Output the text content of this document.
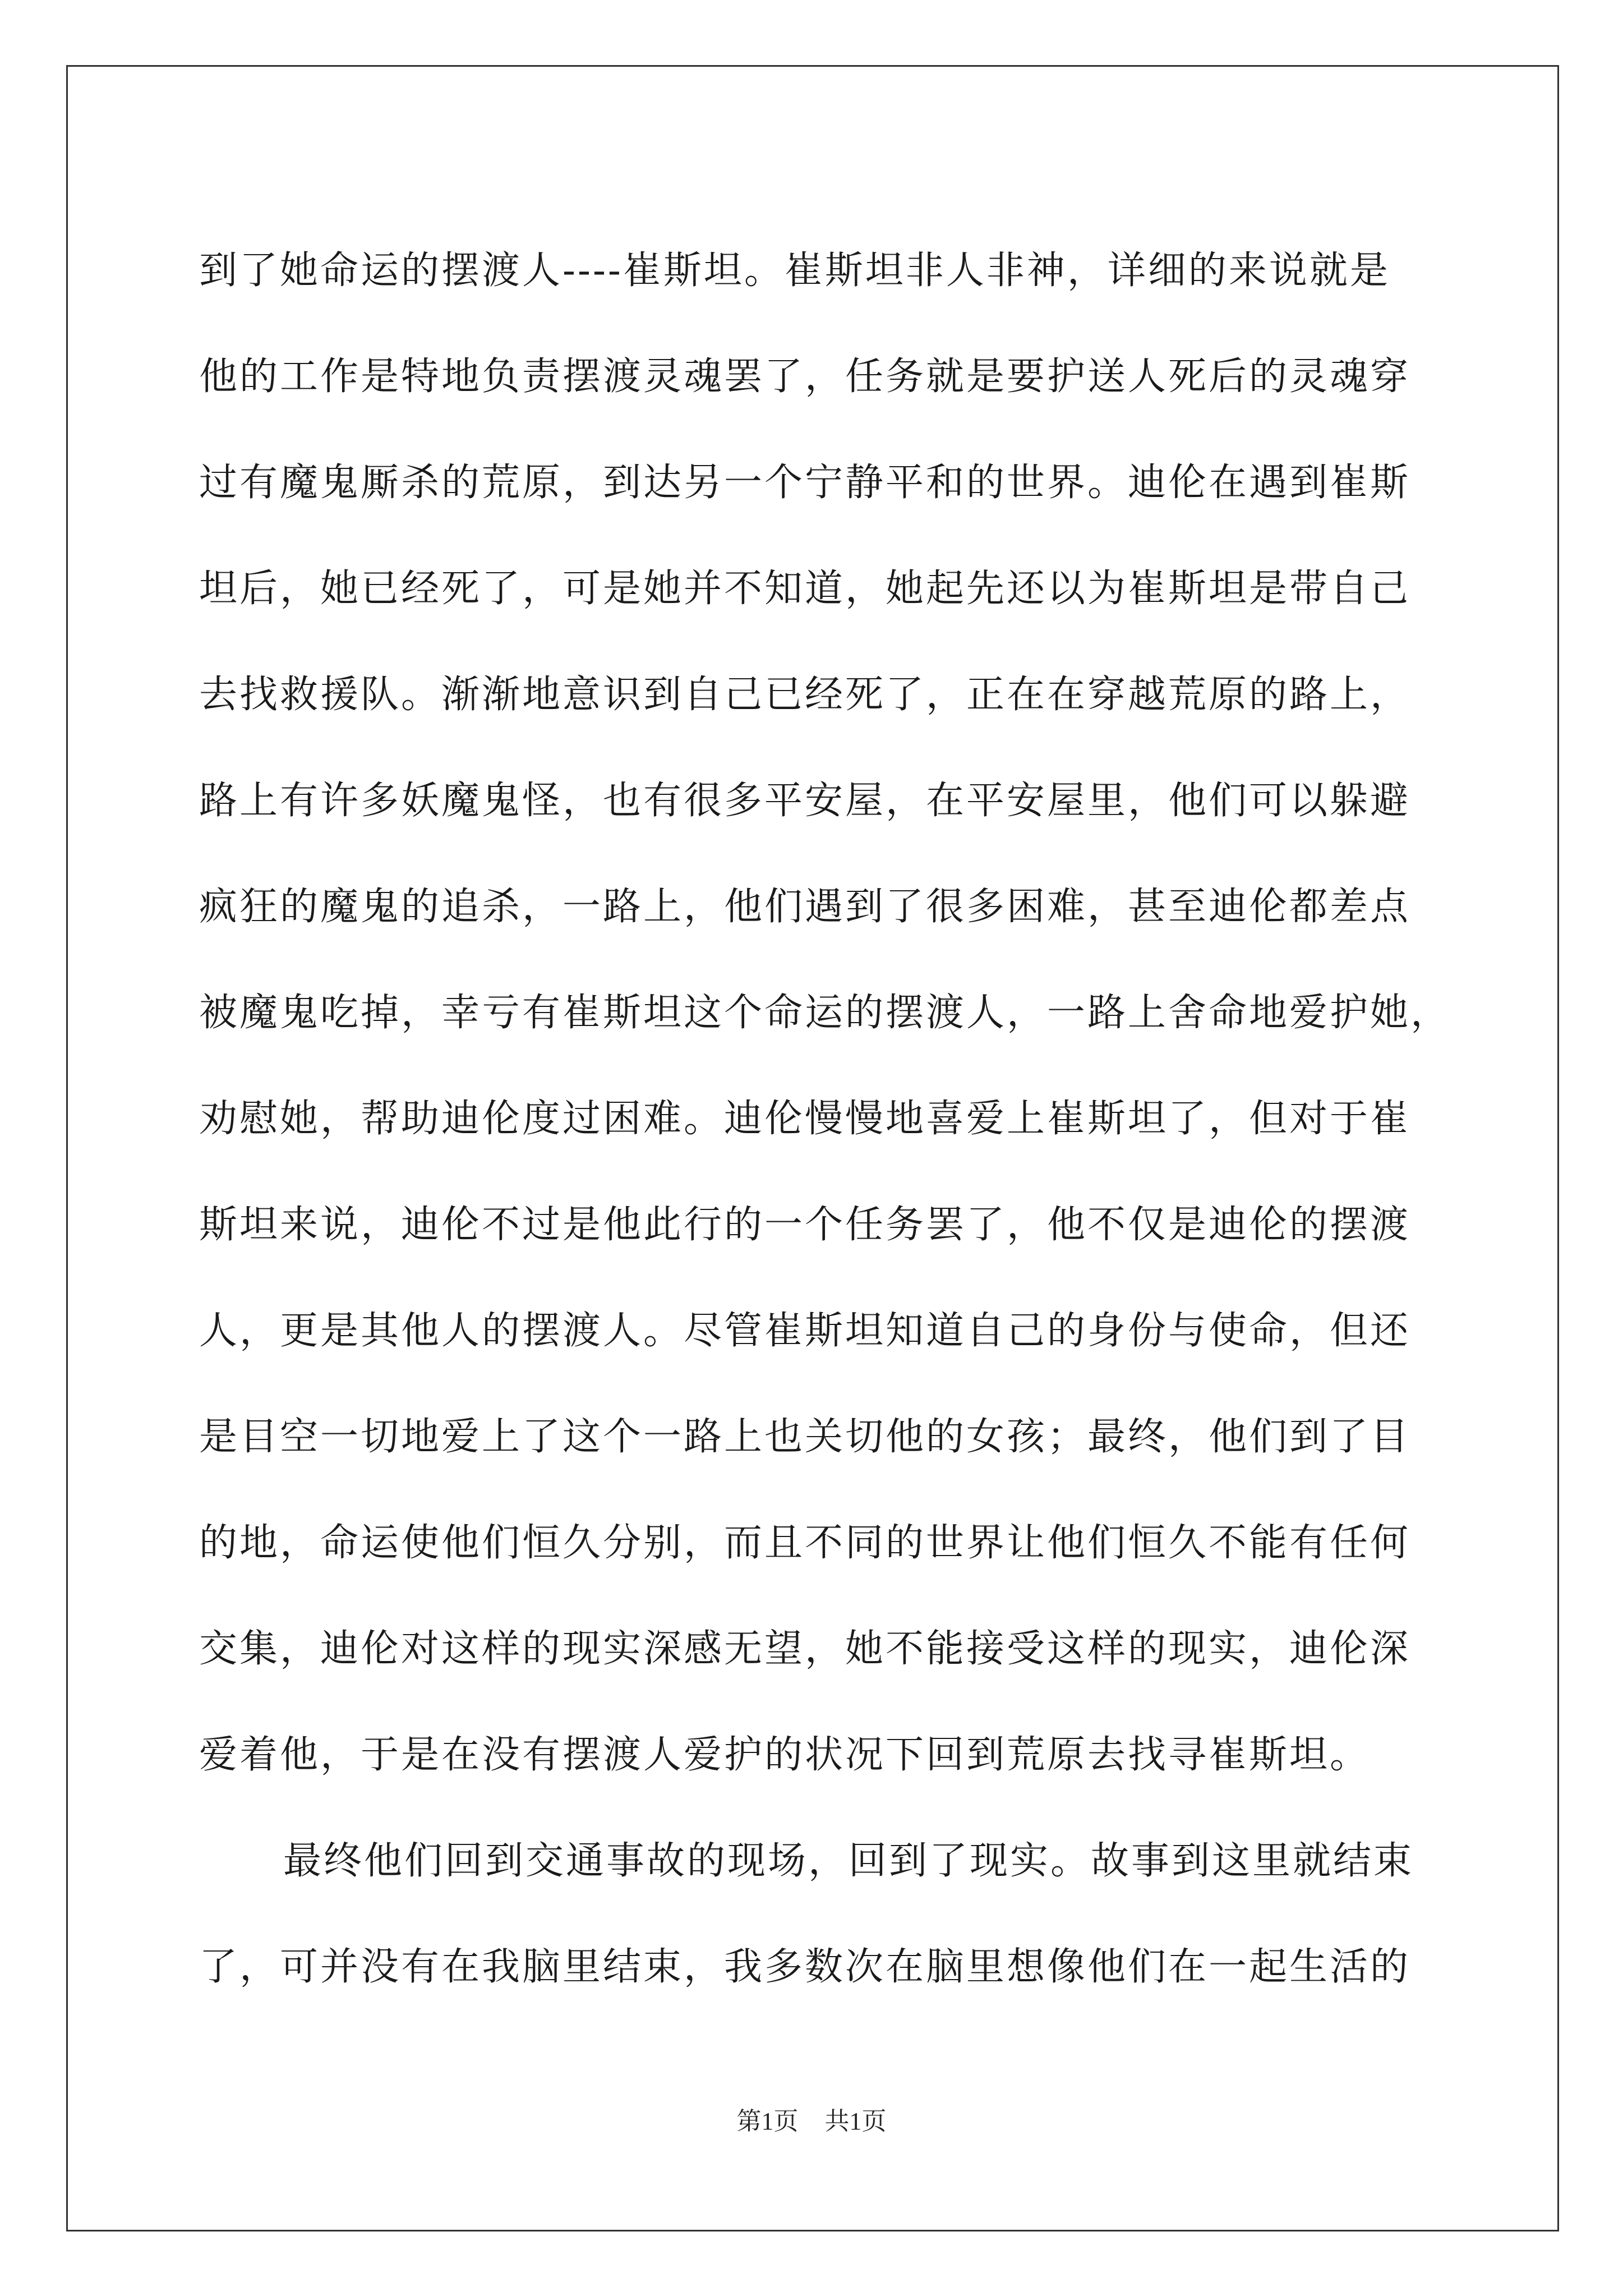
到了她命运的摆渡人----崔斯坦。崔斯坦非人非神，详细的来说就是
他的工作是特地负责摆渡灵魂罢了，任务就是要护送人死后的灵魂穿
过有魔鬼厮杀的荒原，到达另一个宁静平和的世界。迪伦在遇到崔斯
坦后，她已经死了，可是她并不知道，她起先还以为崔斯坦是带自己
去找救援队。渐渐地意识到自己已经死了，正在在穿越荒原的路上，
路上有许多妖魔鬼怪，也有很多平安屋，在平安屋里，他们可以躲避
疯狂的魔鬼的追杀，一路上，他们遇到了很多困难，甚至迪伦都差点
被魔鬼吃掉，幸亏有崔斯坦这个命运的摆渡人，一路上舍命地爱护她，
劝慰她，帮助迪伦度过困难。迪伦慢慢地喜爱上崔斯坦了，但对于崔
斯坦来说，迪伦不过是他此行的一个任务罢了，他不仅是迪伦的摆渡
人，更是其他人的摆渡人。尽管崔斯坦知道自己的身份与使命，但还
是目空一切地爱上了这个一路上也关切他的女孩；最终，他们到了目
的地，命运使他们恒久分别，而且不同的世界让他们恒久不能有任何
交集，迪伦对这样的现实深感无望，她不能接受这样的现实，迪伦深
爱着他，于是在没有摆渡人爱护的状况下回到荒原去找寻崔斯坦。
最终他们回到交通事故的现场，回到了现实。故事到这里就结束
了，可并没有在我脑里结束，我多数次在脑里想像他们在一起生活的
第1页 共1页
